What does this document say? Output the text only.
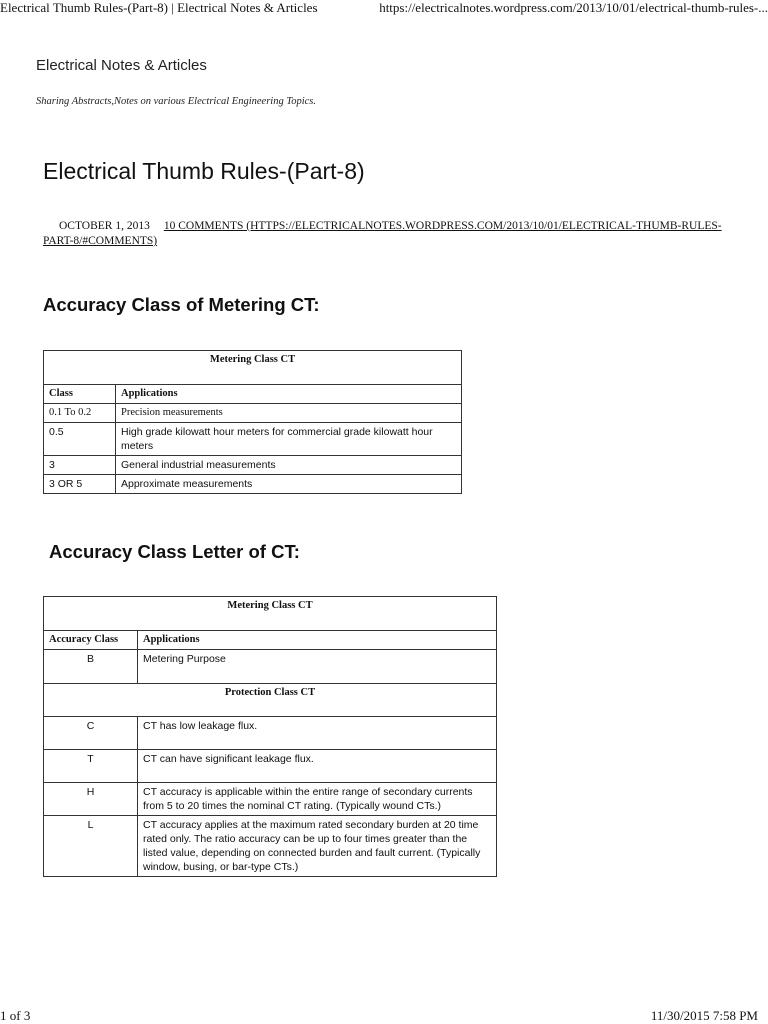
Electrical Thumb Rules-(Part-8) | Electrical Notes & Articles	https://electricalnotes.wordpress.com/2013/10/01/electrical-thumb-rules-...
Electrical Notes & Articles
Sharing Abstracts,Notes on various Electrical Engineering Topics.
Electrical Thumb Rules-(Part-8)
OCTOBER 1, 2013 10 COMMENTS (HTTPS://ELECTRICALNOTES.WORDPRESS.COM/2013/10/01/ELECTRICAL-THUMB-RULES-PART-8/#COMMENTS)
Accuracy Class of Metering CT:
Metering Class CT	
Class	Applications
0.1 To 0.2	Precision measurements
0.5	High grade kilowatt hour meters for commercial grade kilowatt hour meters
3	General industrial measurements
3 OR 5	Approximate measurements
Accuracy Class Letter of CT:
Metering Class CT	
Accuracy Class	Applications
B	Metering Purpose
Protection Class CT	
C	CT has low leakage flux.
T	CT can have significant leakage flux.
H	CT accuracy is applicable within the entire range of secondary currents from 5 to 20 times the nominal CT rating. (Typically wound CTs.)
L	CT accuracy applies at the maximum rated secondary burden at 20 time rated only. The ratio accuracy can be up to four times greater than the listed value, depending on connected burden and fault current. (Typically window, busing, or bar-type CTs.)
1 of 3	11/30/2015 7:58 PM
